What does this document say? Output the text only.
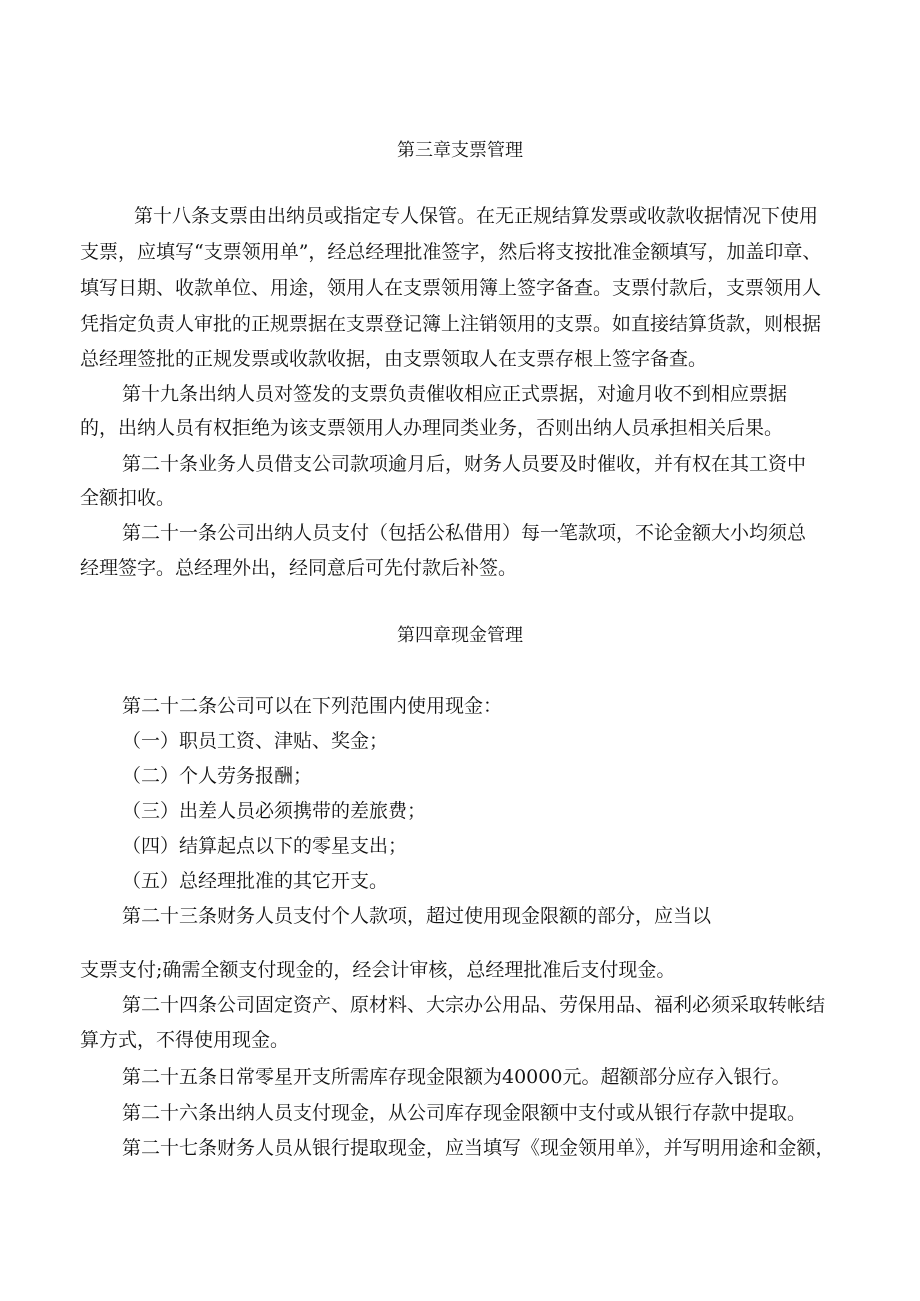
第三章支票管理
第十八条支票由出纳员或指定专人保管。在无正规结算发票或收款收据情况下使用
支票，应填写“支票领用单”，经总经理批准签字，然后将支按批准金额填写，加盖印章、
填写日期、收款单位、用途，领用人在支票领用簿上签字备查。支票付款后，支票领用人
凭指定负责人审批的正规票据在支票登记簿上注销领用的支票。如直接结算货款，则根据
总经理签批的正规发票或收款收据，由支票领取人在支票存根上签字备查。
第十九条出纳人员对签发的支票负责催收相应正式票据，对逾月收不到相应票据
的，出纳人员有权拒绝为该支票领用人办理同类业务，否则出纳人员承担相关后果。
第二十条业务人员借支公司款项逾月后，财务人员要及时催收，并有权在其工资中
全额扣收。
第二十一条公司出纳人员支付（包括公私借用）每一笔款项，不论金额大小均须总
经理签字。总经理外出，经同意后可先付款后补签。
第四章现金管理
第二十二条公司可以在下列范围内使用现金：
（一）职员工资、津贴、奖金；
（二）个人劳务报酬；
（三）出差人员必须携带的差旅费；
（四）结算起点以下的零星支出；
（五）总经理批准的其它开支。
第二十三条财务人员支付个人款项，超过使用现金限额的部分，应当以
支票支付;确需全额支付现金的，经会计审核，总经理批准后支付现金。
第二十四条公司固定资产、原材料、大宗办公用品、劳保用品、福利必须采取转帐结
算方式，不得使用现金。
第二十五条日常零星开支所需库存现金限额为40000元。超额部分应存入银行。
第二十六条出纳人员支付现金，从公司库存现金限额中支付或从银行存款中提取。
第二十七条财务人员从银行提取现金，应当填写《现金领用单》，并写明用途和金额，
